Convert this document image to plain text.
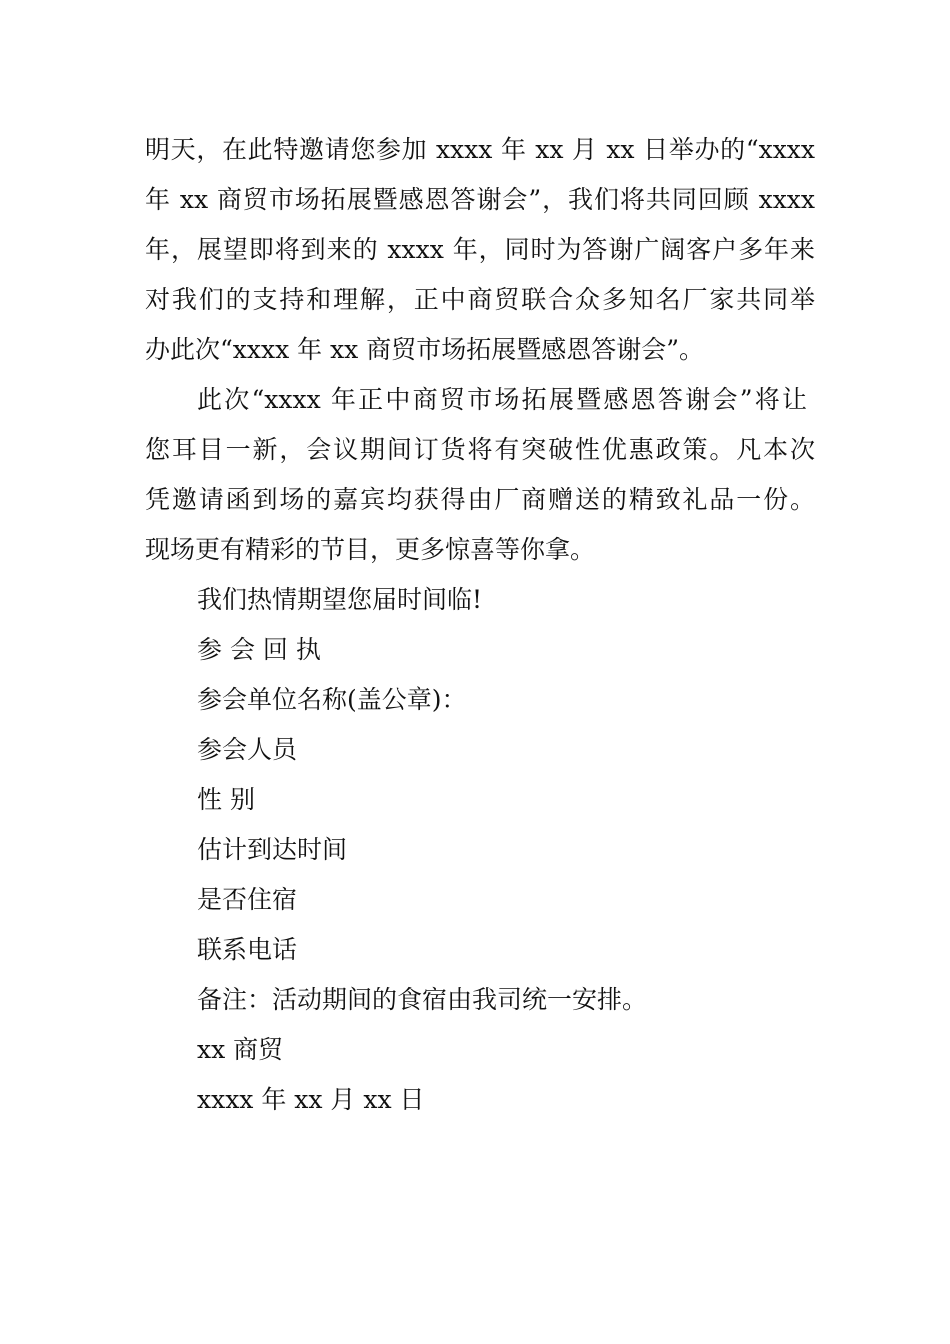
明天，在此特邀请您参加 xxxx 年 xx 月 xx 日举办的“xxxx
年 xx 商贸市场拓展暨感恩答谢会”，我们将共同回顾 xxxx
年，展望即将到来的 xxxx 年，同时为答谢广阔客户多年来
对我们的支持和理解，正中商贸联合众多知名厂家共同举
办此次“xxxx 年 xx 商贸市场拓展暨感恩答谢会”。
此次“xxxx 年正中商贸市场拓展暨感恩答谢会”将让
您耳目一新，会议期间订货将有突破性优惠政策。凡本次
凭邀请函到场的嘉宾均获得由厂商赠送的精致礼品一份。
现场更有精彩的节目，更多惊喜等你拿。
我们热情期望您届时间临!
参 会 回 执
参会单位名称(盖公章)：
参会人员
性 别
估计到达时间
是否住宿
联系电话
备注：活动期间的食宿由我司统一安排。
xx 商贸
xxxx 年 xx 月 xx 日
